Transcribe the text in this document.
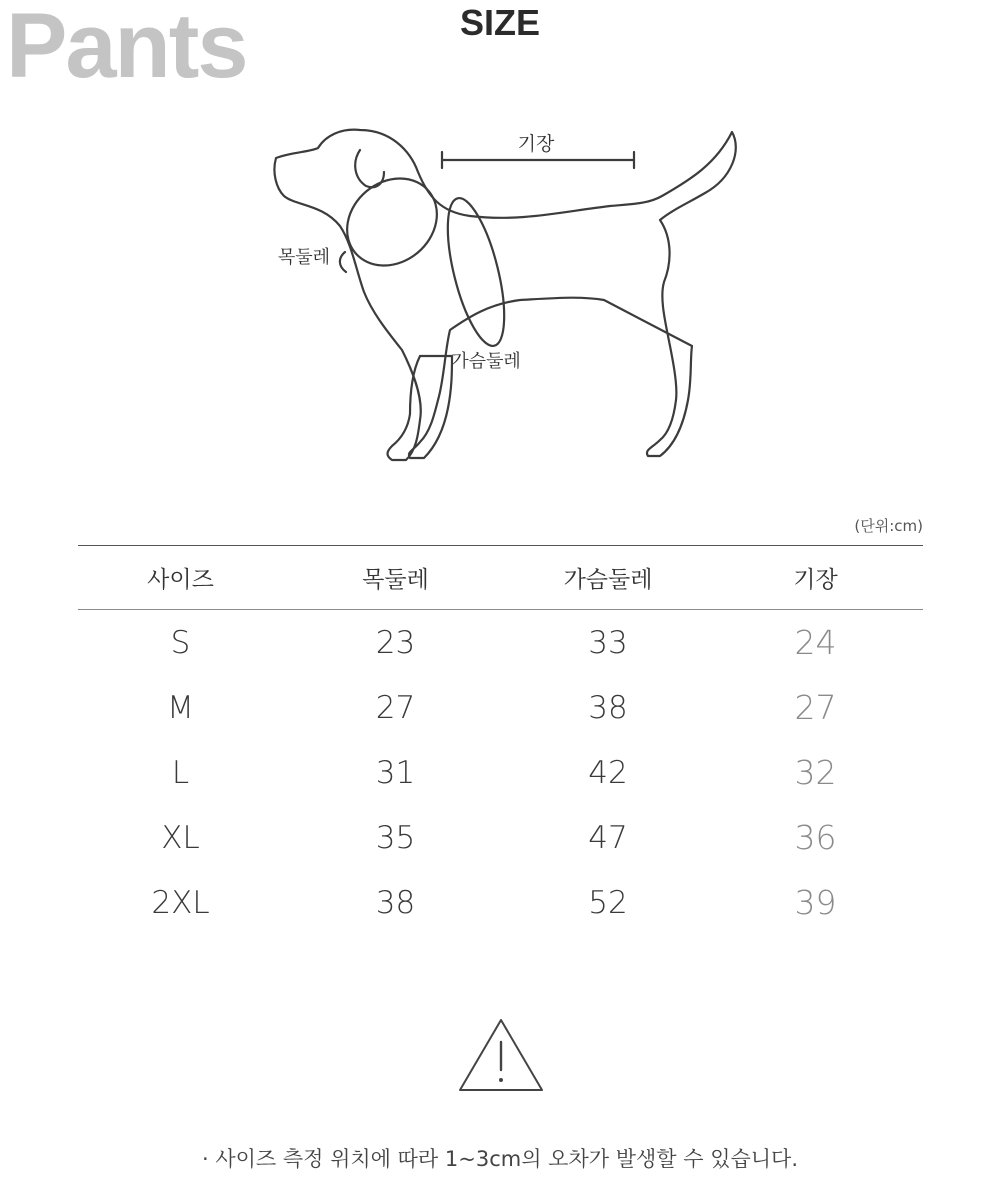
Pants	SIZE
기장
목둘레
가슴둘레
(단위:cm)
사이즈	목둘레	가슴둘레	기장
S	23	33	24
M	27	38	27
L	31	42	32
XL	35	47	36
2XL	38	52	39
· 사이즈 측정 위치에 따라 1~3cm의 오차가 발생할 수 있습니다.
